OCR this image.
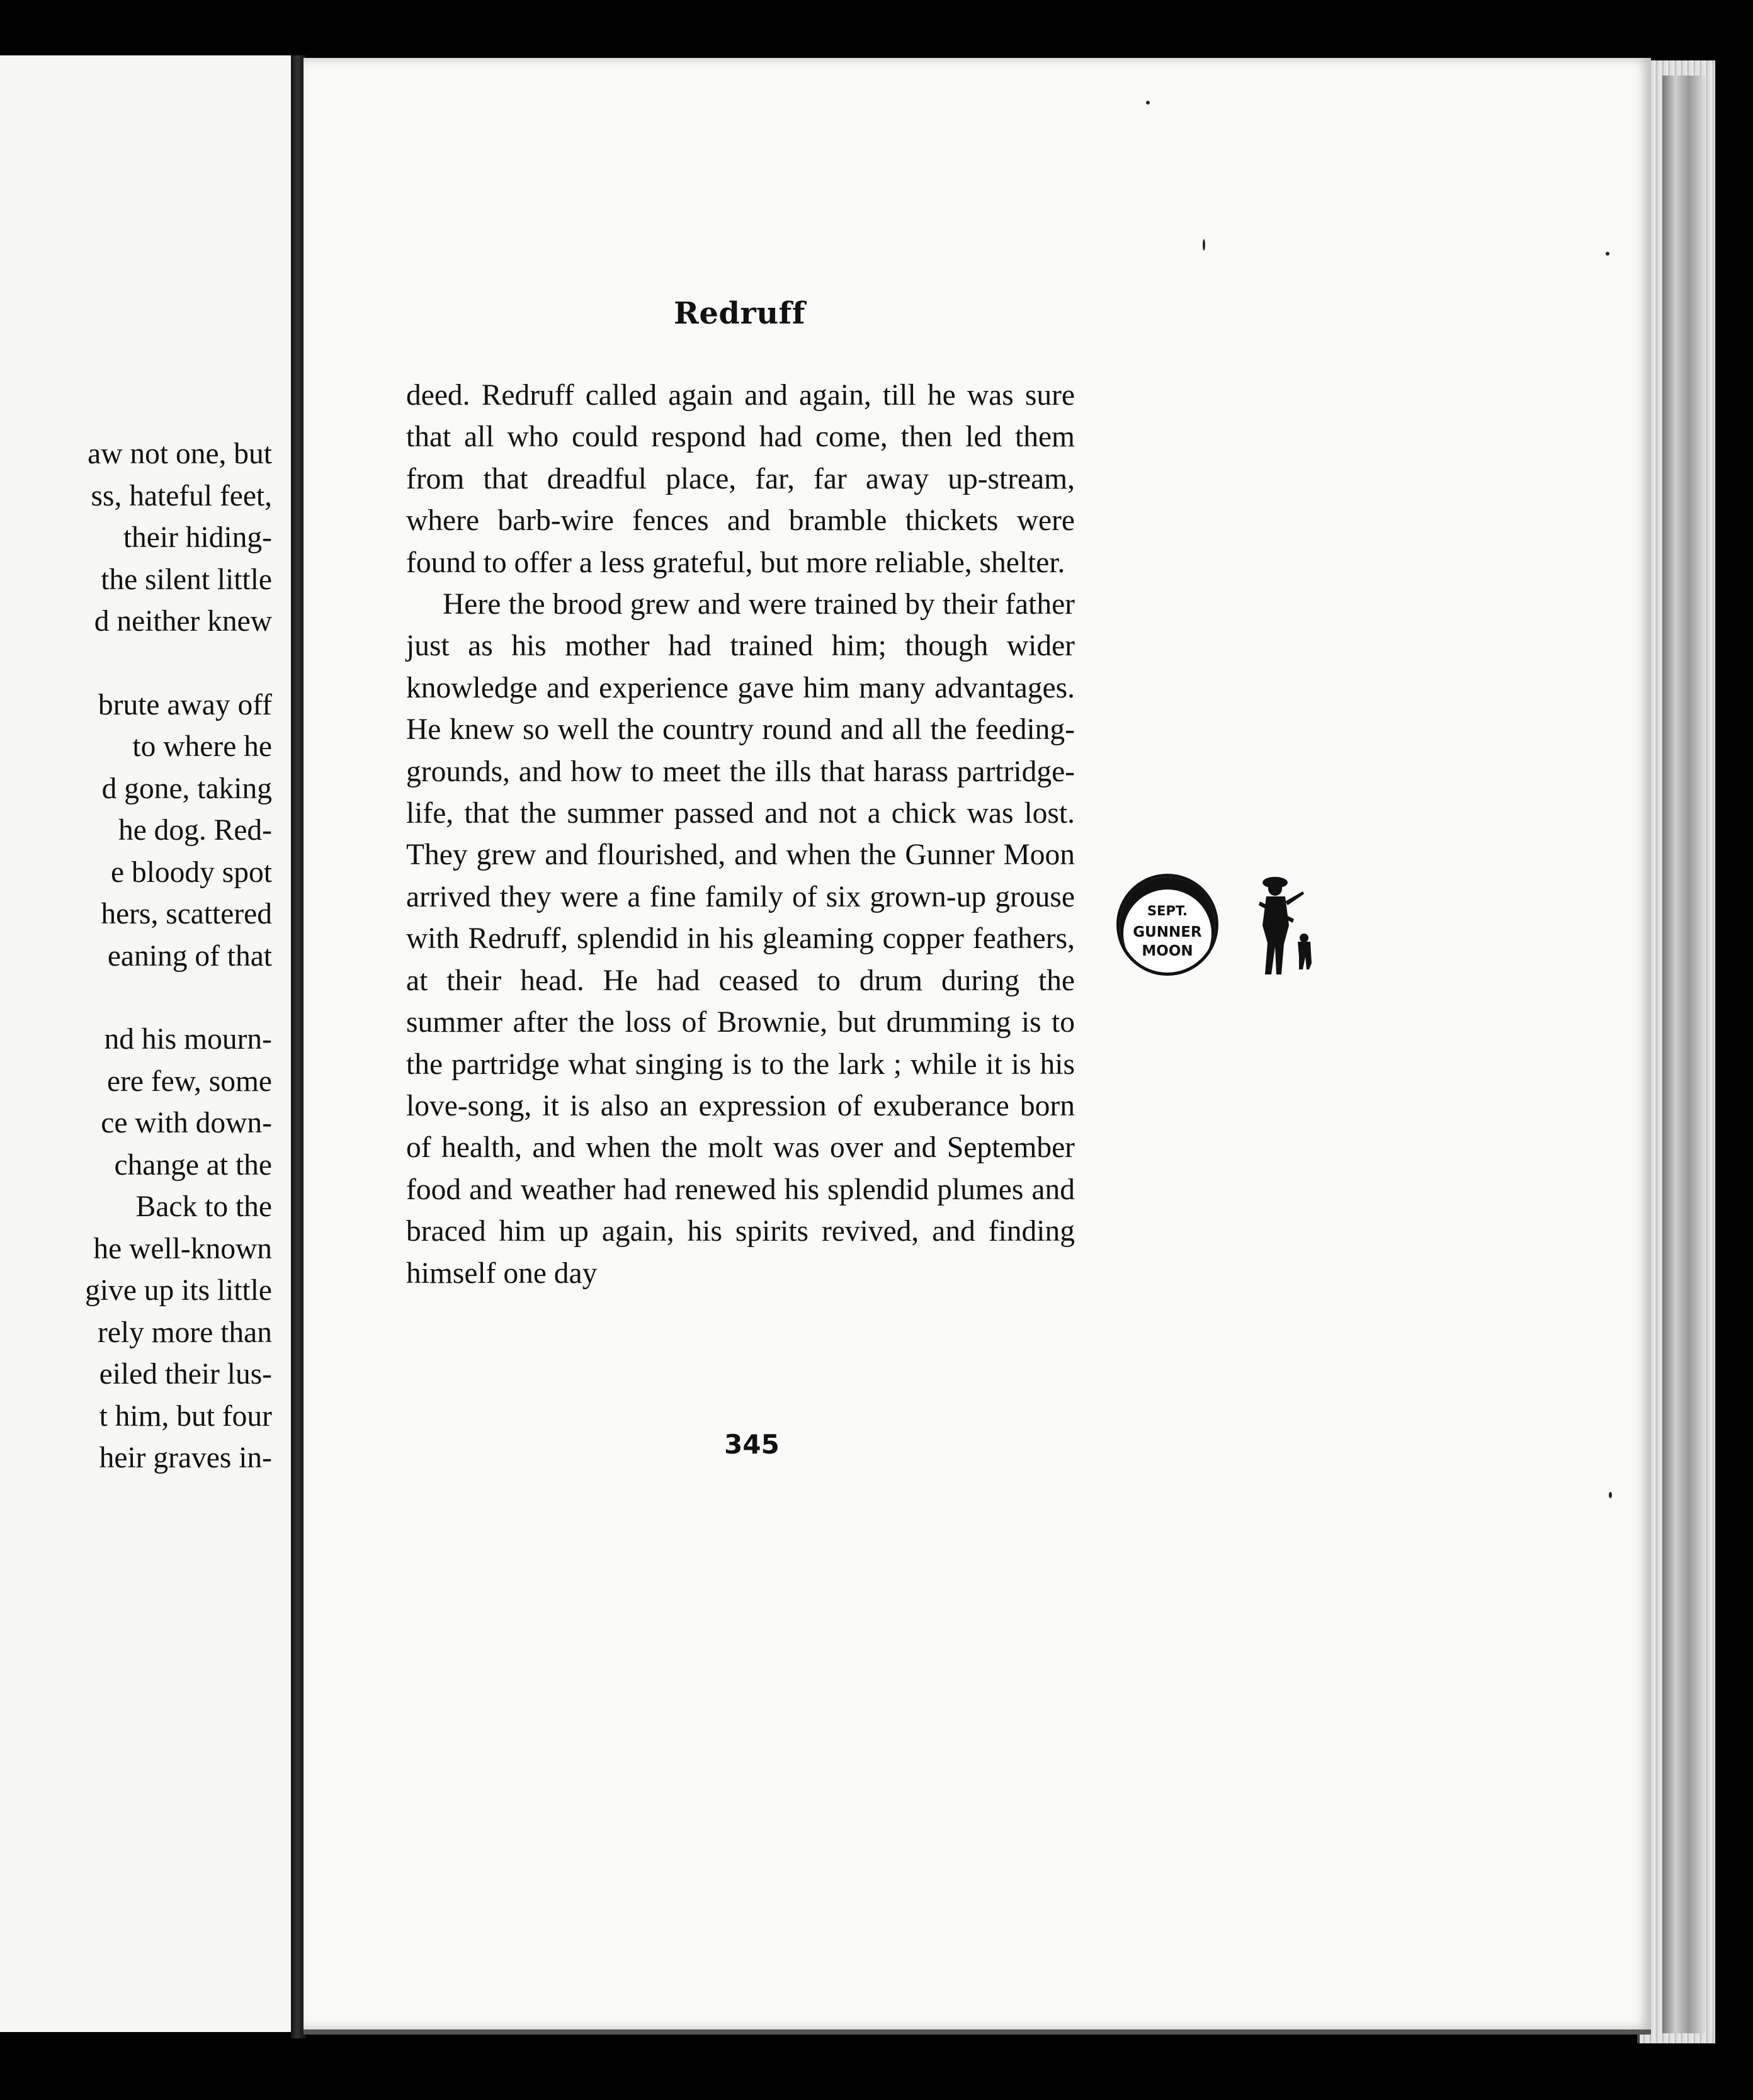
aw not one, but
ss, hateful feet,
their hiding-
the silent little
d neither knew
brute away off
to where he
d gone, taking
he dog. Red-
e bloody spot
hers, scattered
eaning of that
nd his mourn-
ere few, some
ce with down-
change at the
Back to the
he well-known
give up its little
rely more than
eiled their lus-
t him, but four
heir graves in-
Redruff

deed. Redruff called again and again, till he was sure that all who could respond had come, then led them from that dreadful place, far, far away up-stream, where barb-wire fences and bramble thickets were found to offer a less grateful, but more reliable, shelter.

Here the brood grew and were trained by their father just as his mother had trained him; though wider knowledge and experience gave him many advantages. He knew so well the country round and all the feeding-grounds, and how to meet the ills that harass partridge-life, that the summer passed and not a chick was lost. They grew and flourished, and when the Gunner Moon arrived they were a fine family of six grown-up grouse with Redruff, splendid in his gleaming copper feathers, at their head. He had ceased to drum during the summer after the loss of Brownie, but drumming is to the partridge what singing is to the lark ; while it is his love-song, it is also an expression of exuberance born of health, and when the molt was over and September food and weather had renewed his splendid plumes and braced him up again, his spirits revived, and finding himself one day

SEPT.
GUNNER
MOON
345
